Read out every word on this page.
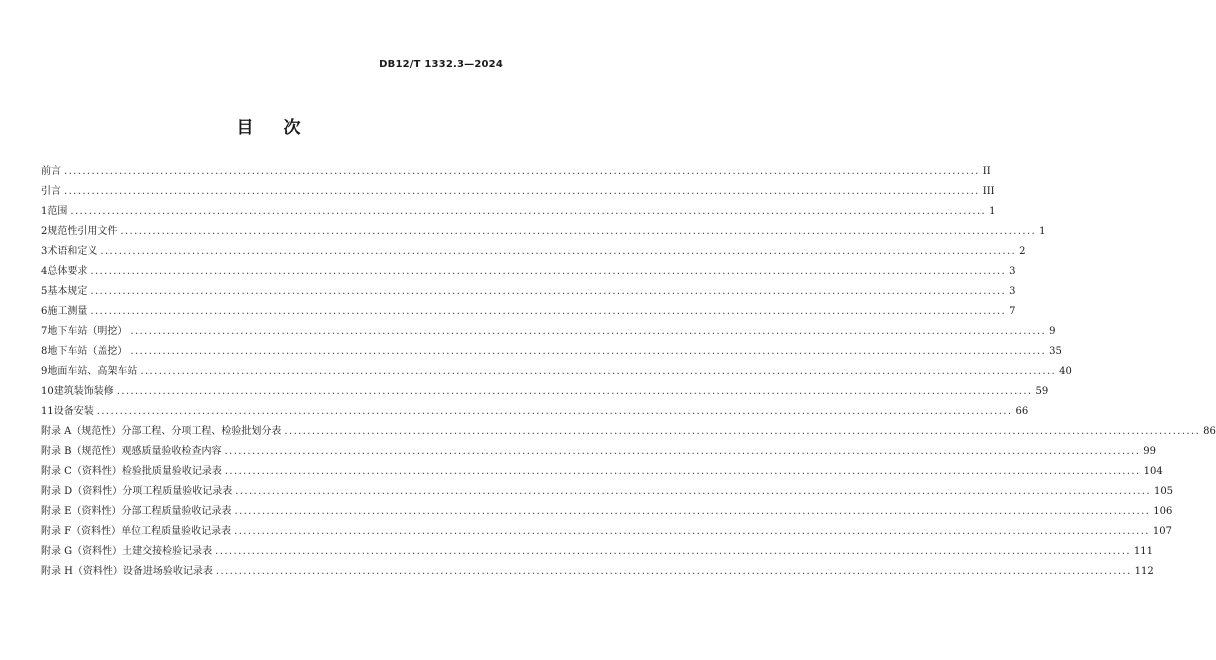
DB12/T 1332.3—2024
目 次
前言 ........................................................................................................................................................................................................ II
引言 ........................................................................................................................................................................................................ III
1 范围 ........................................................................................................................................................................................................ 1
2 规范性引用文件 ........................................................................................................................................................................................................ 1
3 术语和定义 ........................................................................................................................................................................................................ 2
4 总体要求 ........................................................................................................................................................................................................ 3
5 基本规定 ........................................................................................................................................................................................................ 3
6 施工测量 ........................................................................................................................................................................................................ 7
7 地下车站（明挖） ........................................................................................................................................................................................................ 9
8 地下车站（盖挖） ........................................................................................................................................................................................................ 35
9 地面车站、高架车站 ........................................................................................................................................................................................................ 40
10 建筑装饰装修 ........................................................................................................................................................................................................ 59
11 设备安装 ........................................................................................................................................................................................................ 66
附录 A（规范性） 分部工程、分项工程、检验批划分表 ........................................................................................................................................................................................................ 86
附录 B（规范性） 观感质量验收检查内容 ........................................................................................................................................................................................................ 99
附录 C（资料性） 检验批质量验收记录表 ........................................................................................................................................................................................................ 104
附录 D（资料性） 分项工程质量验收记录表 ........................................................................................................................................................................................................ 105
附录 E（资料性） 分部工程质量验收记录表 ........................................................................................................................................................................................................ 106
附录 F（资料性） 单位工程质量验收记录表 ........................................................................................................................................................................................................ 107
附录 G（资料性） 土建交接检验记录表 ........................................................................................................................................................................................................ 111
附录 H（资料性） 设备进场验收记录表 ........................................................................................................................................................................................................ 112
